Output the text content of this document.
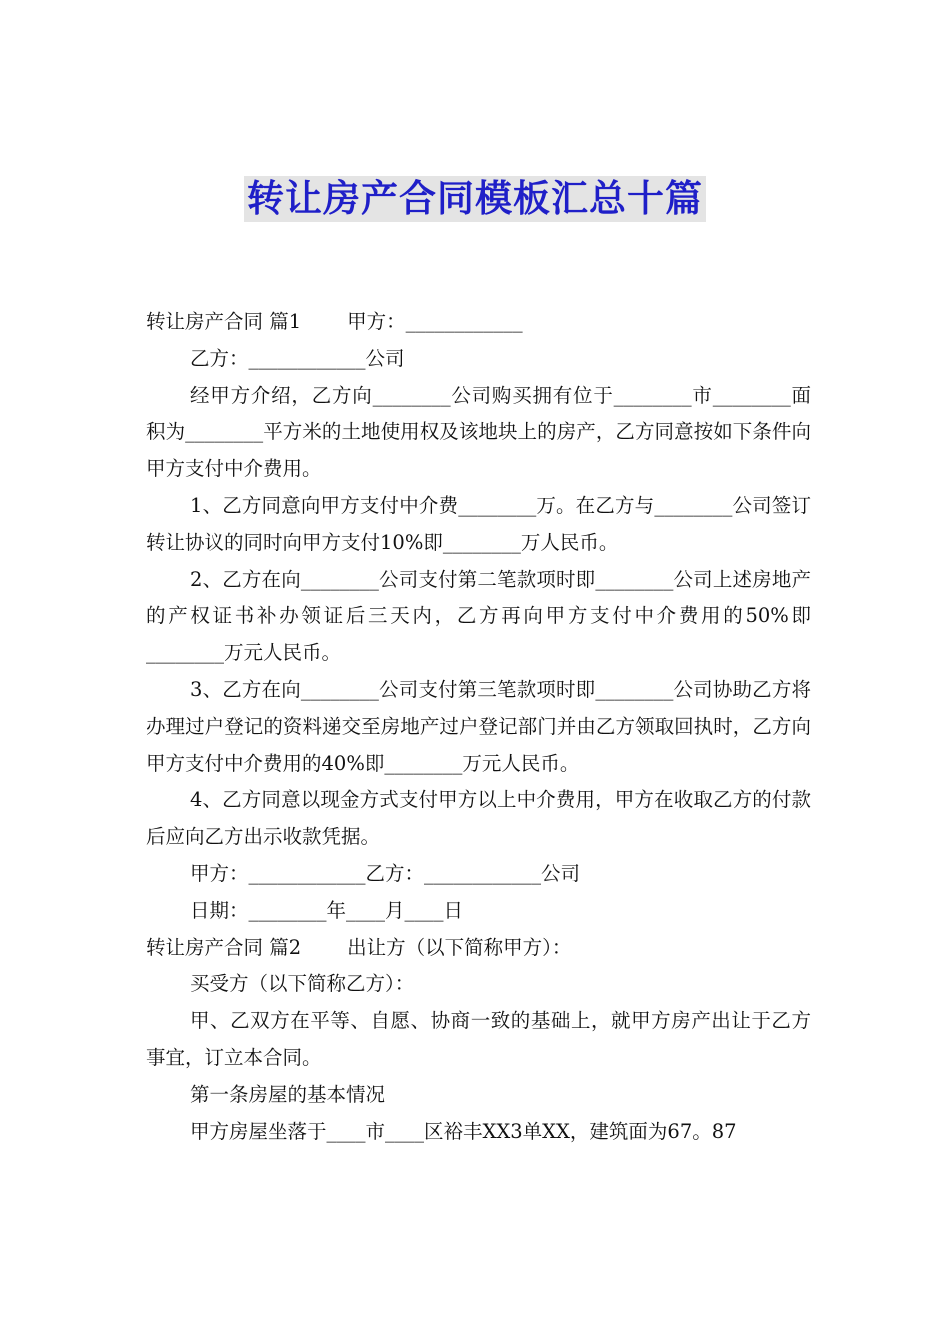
转让房产合同模板汇总十篇

转让房产合同 篇1 甲方：____________

乙方：____________公司

经甲方介绍，乙方向________公司购买拥有位于________市________面积为________平方米的土地使用权及该地块上的房产，乙方同意按如下条件向甲方支付中介费用。

1、乙方同意向甲方支付中介费________万。在乙方与________公司签订转让协议的同时向甲方支付10%即________万人民币。

2、乙方在向________公司支付第二笔款项时即________公司上述房地产的产权证书补办领证后三天内，乙方再向甲方支付中介费用的50%即________万元人民币。

3、乙方在向________公司支付第三笔款项时即________公司协助乙方将办理过户登记的资料递交至房地产过户登记部门并由乙方领取回执时，乙方向甲方支付中介费用的40%即________万元人民币。

4、乙方同意以现金方式支付甲方以上中介费用，甲方在收取乙方的付款后应向乙方出示收款凭据。

甲方：____________乙方：____________公司

日期：________年____月____日

转让房产合同 篇2 出让方（以下简称甲方）：

买受方（以下简称乙方）：

甲、乙双方在平等、自愿、协商一致的基础上，就甲方房产出让于乙方事宜，订立本合同。

第一条房屋的基本情况

甲方房屋坐落于____市____区裕丰XX3单XX，建筑面为67。87
